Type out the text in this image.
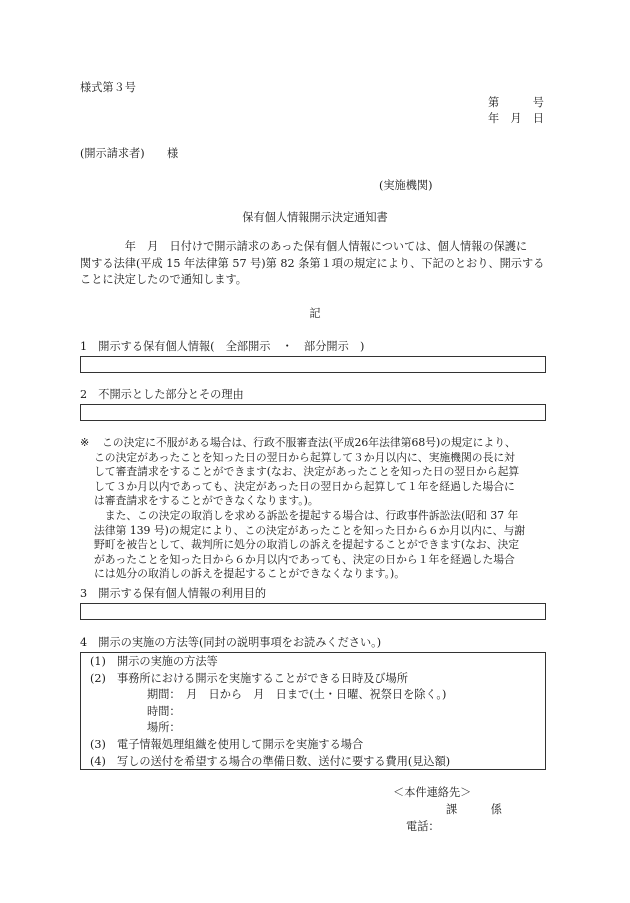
様式第３号
第　　　号
年　月　日
(開示請求者)　　様
(実施機関)
保有個人情報開示決定通知書
　　　　年　月　日付けで開示請求のあった保有個人情報については、個人情報の保護に
関する法律(平成 15 年法律第 57 号)第 82 条第１項の規定により、下記のとおり、開示する
ことに決定したので通知します。
記
1　開示する保有個人情報(　全部開示　・　部分開示　)
2　不開示とした部分とその理由
※	この決定に不服がある場合は、行政不服審査法(平成26年法律第68号)の規定により、
この決定があったことを知った日の翌日から起算して３か月以内に、実施機関の長に対
して審査請求をすることができます(なお、決定があったことを知った日の翌日から起算
して３か月以内であっても、決定があった日の翌日から起算して１年を経過した場合に
は審査請求をすることができなくなります。)。
　また、この決定の取消しを求める訴訟を提起する場合は、行政事件訴訟法(昭和 37 年
法律第 139 号)の規定により、この決定があったことを知った日から６か月以内に、与謝
野町を被告として、裁判所に処分の取消しの訴えを提起することができます(なお、決定
があったことを知った日から６か月以内であっても、決定の日から１年を経過した場合
には処分の取消しの訴えを提起することができなくなります。)。
3　開示する保有個人情報の利用目的
4　開示の実施の方法等(同封の説明事項をお読みください。)
(1) 開示の実施の方法等
(2) 事務所における開示を実施することができる日時及び場所
期間：　月　日から　月　日まで(土・日曜、祝祭日を除く。)
時間：
場所：
(3) 電子情報処理組織を使用して開示を実施する場合
(4) 写しの送付を希望する場合の準備日数、送付に要する費用(見込額)
＜本件連絡先＞
課　　　係
電話：
